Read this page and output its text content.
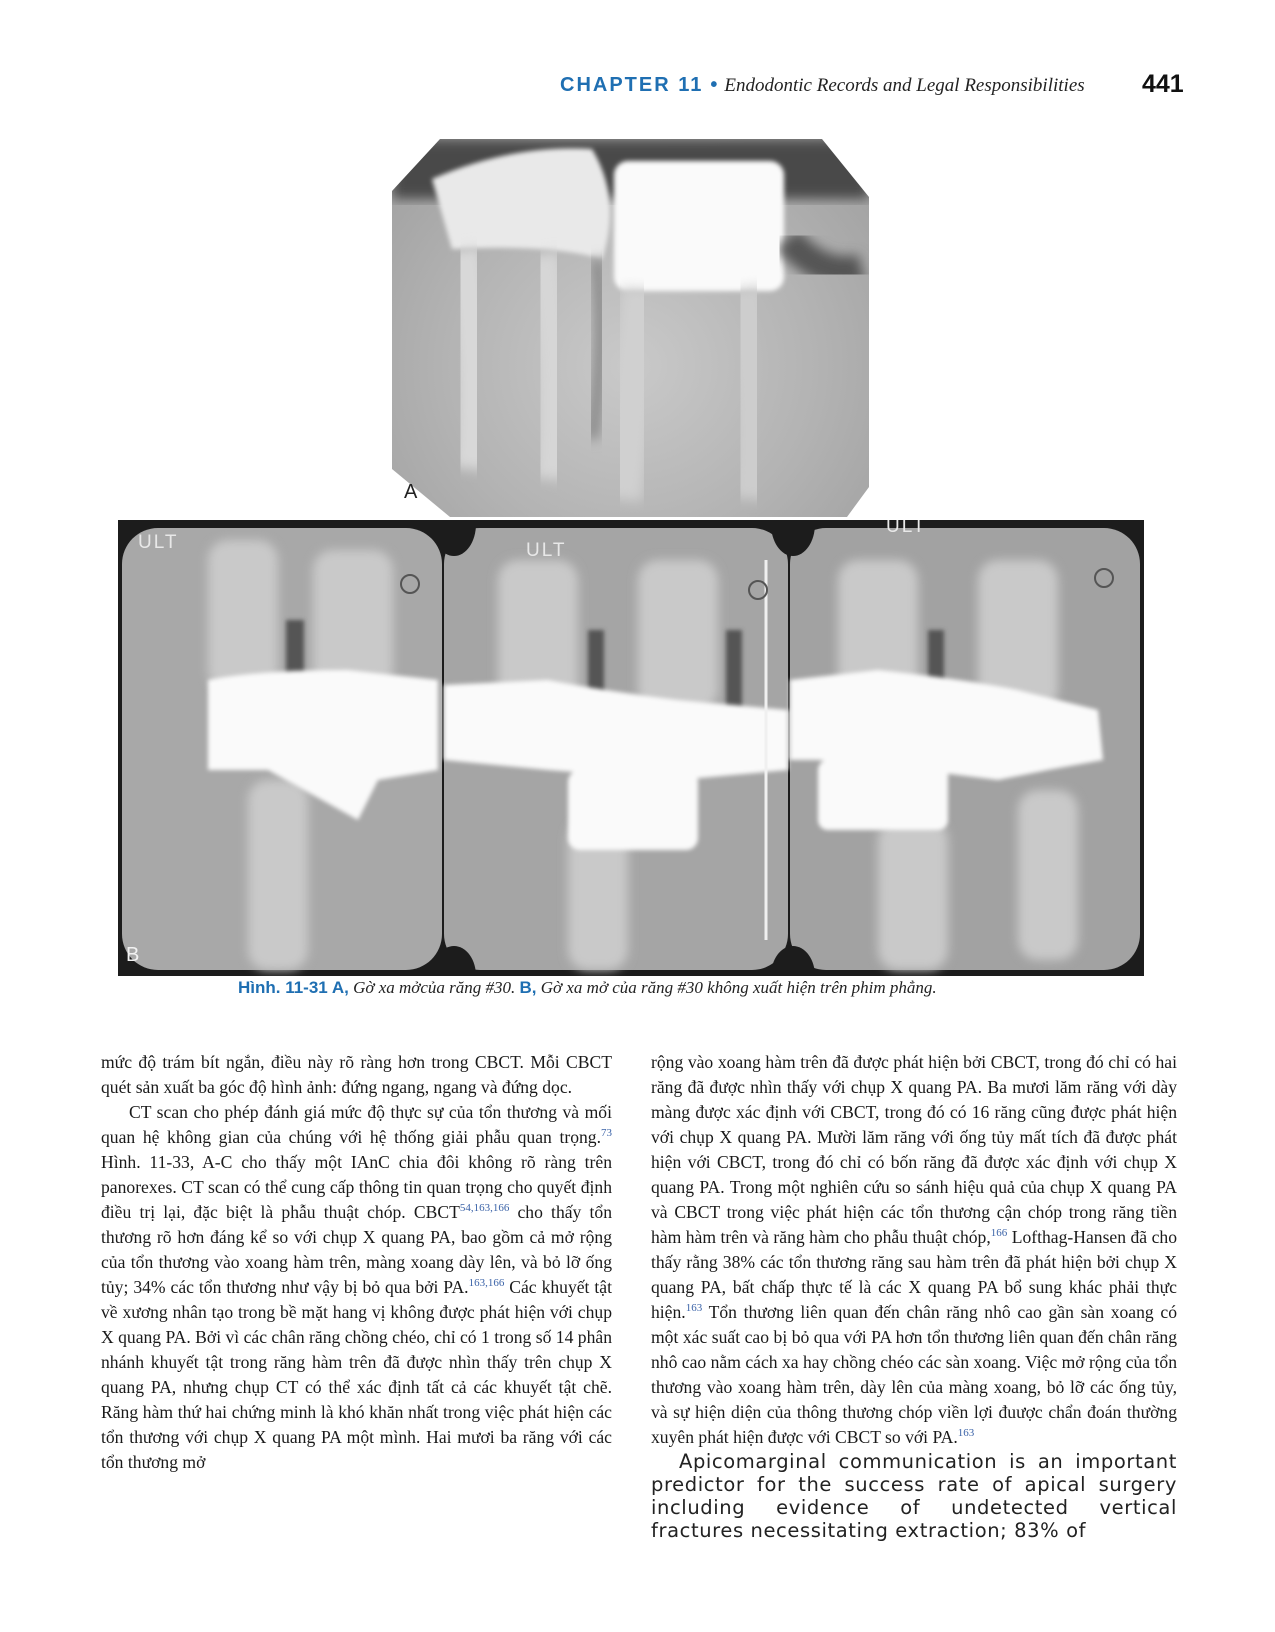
CHAPTER 11 • Endodontic Records and Legal Responsibilities 441
A
ULT	ULT
ULT
B
Hình. 11-31 A, Gờ xa mởcủa răng #30. B, Gờ xa mở của răng #30 không xuất hiện trên phim phẳng.

mức độ trám bít ngắn, điều này rõ ràng hơn trong CBCT. Mỗi CBCT quét sản xuất ba góc độ hình ảnh: đứng ngang, ngang và đứng dọc.

CT scan cho phép đánh giá mức độ thực sự của tổn thương và mối quan hệ không gian của chúng với hệ thống giải phẫu quan trọng.$^{73}$ Hình. 11-33, A-C cho thấy một IAnC chia đôi không rõ ràng trên panorexes. CT scan có thể cung cấp thông tin quan trọng cho quyết định điều trị lại, đặc biệt là phẫu thuật chóp. CBCT$^{54,163,166}$ cho thấy tổn thương rõ hơn đáng kể so với chụp X quang PA, bao gồm cả mở rộng của tổn thương vào xoang hàm trên, màng xoang dày lên, và bỏ lỡ ống tủy; 34% các tổn thương như vậy bị bỏ qua bởi PA.$^{163,166}$ Các khuyết tật về xương nhân tạo trong bề mặt hang vị không được phát hiện với chụp X quang PA. Bởi vì các chân răng chồng chéo, chỉ có 1 trong số 14 phân nhánh khuyết tật trong răng hàm trên đã được nhìn thấy trên chụp X quang PA, nhưng chụp CT có thể xác định tất cả các khuyết tật chẽ. Răng hàm thứ hai chứng minh là khó khăn nhất trong việc phát hiện các tổn thương với chụp X quang PA một mình. Hai mươi ba răng với các tổn thương mở

rộng vào xoang hàm trên đã được phát hiện bởi CBCT, trong đó chỉ có hai răng đã được nhìn thấy với chụp X quang PA. Ba mươi lăm răng với dày màng được xác định với CBCT, trong đó có 16 răng cũng được phát hiện với chụp X quang PA. Mười lăm răng với ống tủy mất tích đã được phát hiện với CBCT, trong đó chỉ có bốn răng đã được xác định với chụp X quang PA. Trong một nghiên cứu so sánh hiệu quả của chụp X quang PA và CBCT trong việc phát hiện các tổn thương cận chóp trong răng tiền hàm hàm trên và răng hàm cho phẫu thuật chóp,$^{166}$ Lofthag-Hansen đã cho thấy rằng 38% các tổn thương răng sau hàm trên đã phát hiện bởi chụp X quang PA, bất chấp thực tế là các X quang PA bổ sung khác phải thực hiện.$^{163}$ Tổn thương liên quan đến chân răng nhô cao gần sàn xoang có một xác suất cao bị bỏ qua với PA hơn tổn thương liên quan đến chân răng nhô cao nằm cách xa hay chồng chéo các sàn xoang. Việc mở rộng của tổn thương vào xoang hàm trên, dày lên của màng xoang, bỏ lỡ các ống tủy, và sự hiện diện của thông thương chóp viền lợi đuược chẩn đoán thường xuyên phát hiện được với CBCT so với PA.$^{163}$

Apicomarginal communication is an important predictor for the success rate of apical surgery including evidence of undetected vertical fractures necessitating extraction; 83% of
